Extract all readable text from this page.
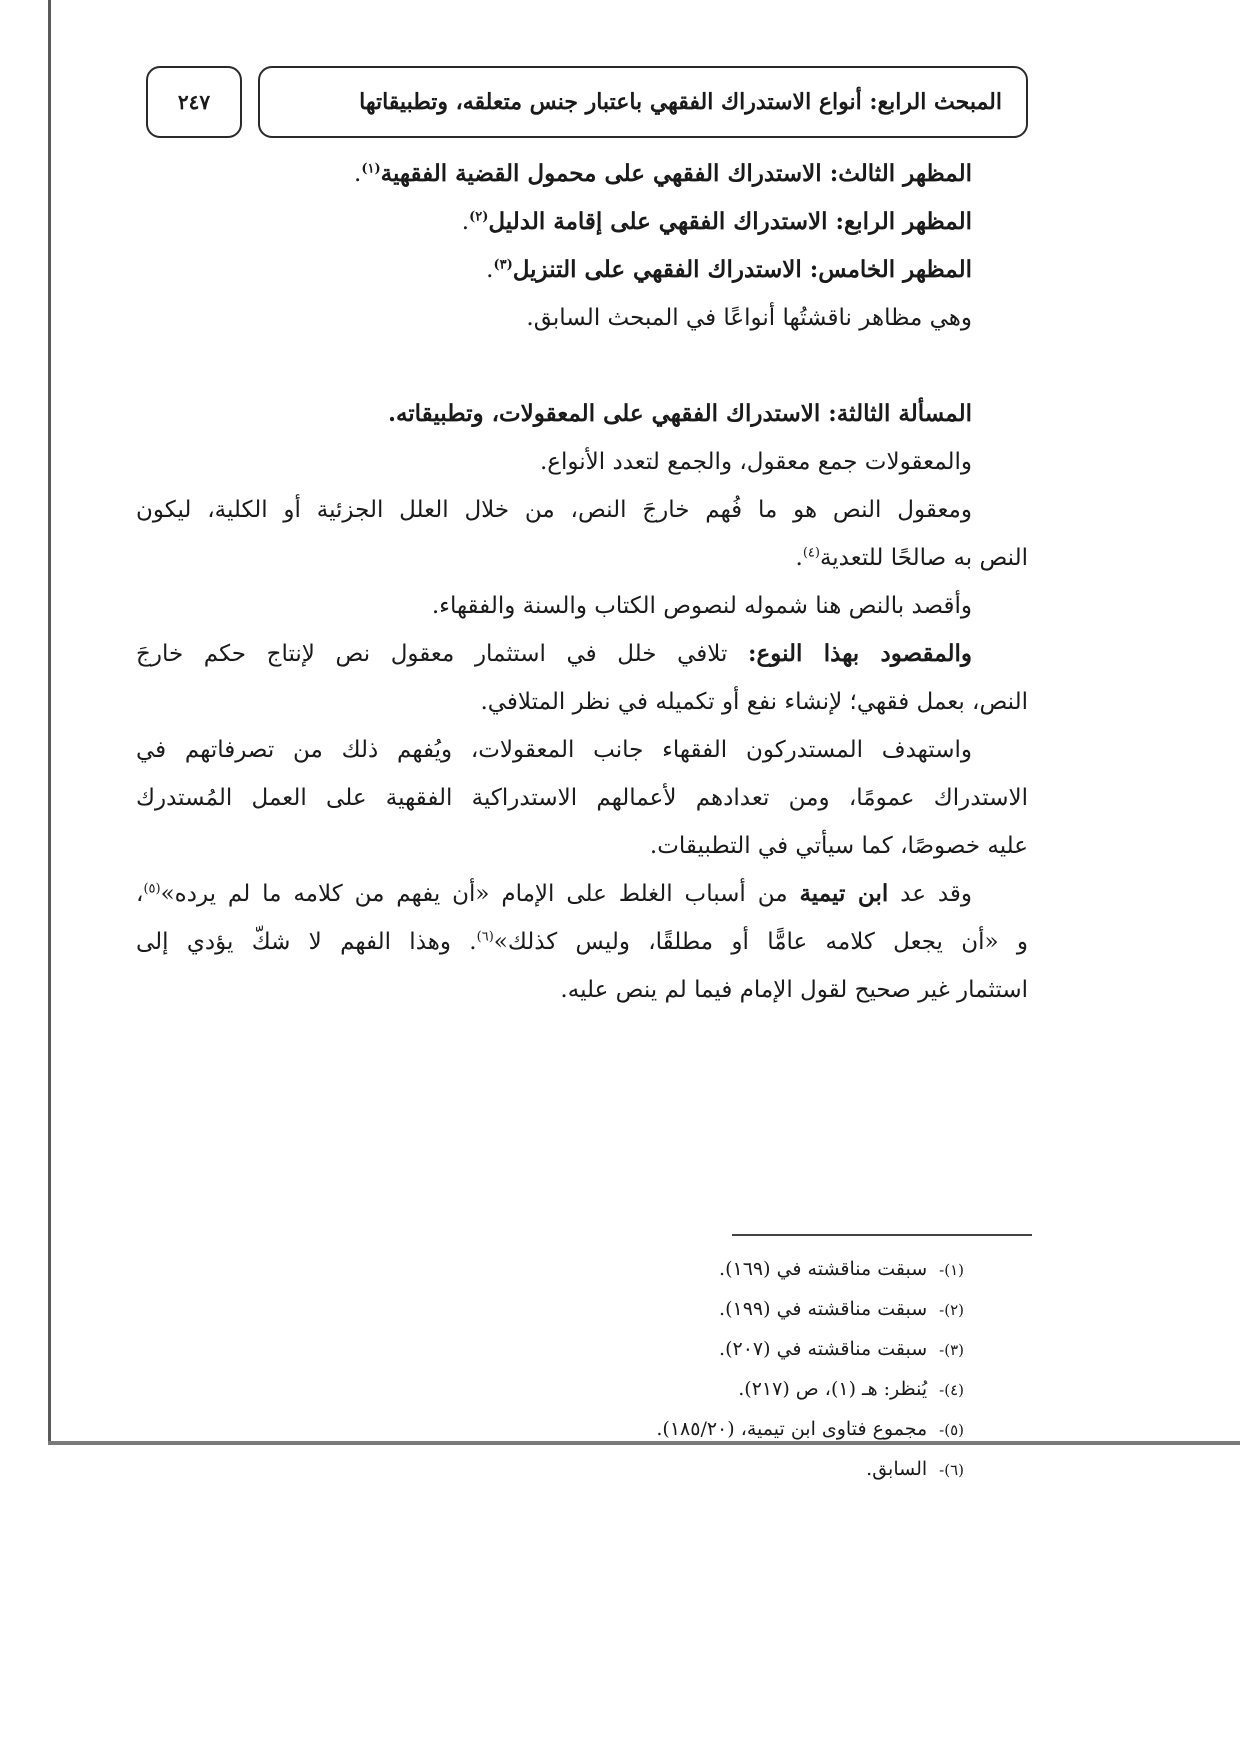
المبحث الرابع: أنواع الاستدراك الفقهي باعتبار جنس متعلقه، وتطبيقاتها
٢٤٧
المظهر الثالث: الاستدراك الفقهي على محمول القضية الفقهية$^{(١)}$.
المظهر الرابع: الاستدراك الفقهي على إقامة الدليل$^{(٢)}$.
المظهر الخامس: الاستدراك الفقهي على التنزيل$^{(٣)}$.
وهي مظاهر ناقشتُها أنواعًا في المبحث السابق.
المسألة الثالثة: الاستدراك الفقهي على المعقولات، وتطبيقاته.
والمعقولات جمع معقول، والجمع لتعدد الأنواع.
ومعقول النص هو ما فُهم خارجَ النص، من خلال العلل الجزئية أو الكلية، ليكون
النص به صالحًا للتعدية$^{(٤)}$.
وأقصد بالنص هنا شموله لنصوص الكتاب والسنة والفقهاء.
والمقصود بهذا النوع: تلافي خلل في استثمار معقول نص لإنتاج حكم خارجَ
النص، بعمل فقهي؛ لإنشاء نفع أو تكميله في نظر المتلافي.
واستهدف المستدركون الفقهاء جانب المعقولات، ويُفهم ذلك من تصرفاتهم في
الاستدراك عمومًا، ومن تعدادهم لأعمالهم الاستدراكية الفقهية على العمل المُستدرك
عليه خصوصًا، كما سيأتي في التطبيقات.
وقد عد ابن تيمية من أسباب الغلط على الإمام «أن يفهم من كلامه ما لم يرده»$^{(٥)}$،
و «أن يجعل كلامه عامًّا أو مطلقًا، وليس كذلك»$^{(٦)}$. وهذا الفهم لا شكّ يؤدي إلى
استثمار غير صحيح لقول الإمام فيما لم ينص عليه.
(١)-سبقت مناقشته في (١٦٩).
(٢)-سبقت مناقشته في (١٩٩).
(٣)-سبقت مناقشته في (٢٠٧).
(٤)-يُنظر: هـ (١)، ص (٢١٧).
(٥)-مجموع فتاوى ابن تيمية، (١٨٥/٢٠).
(٦)-السابق.
